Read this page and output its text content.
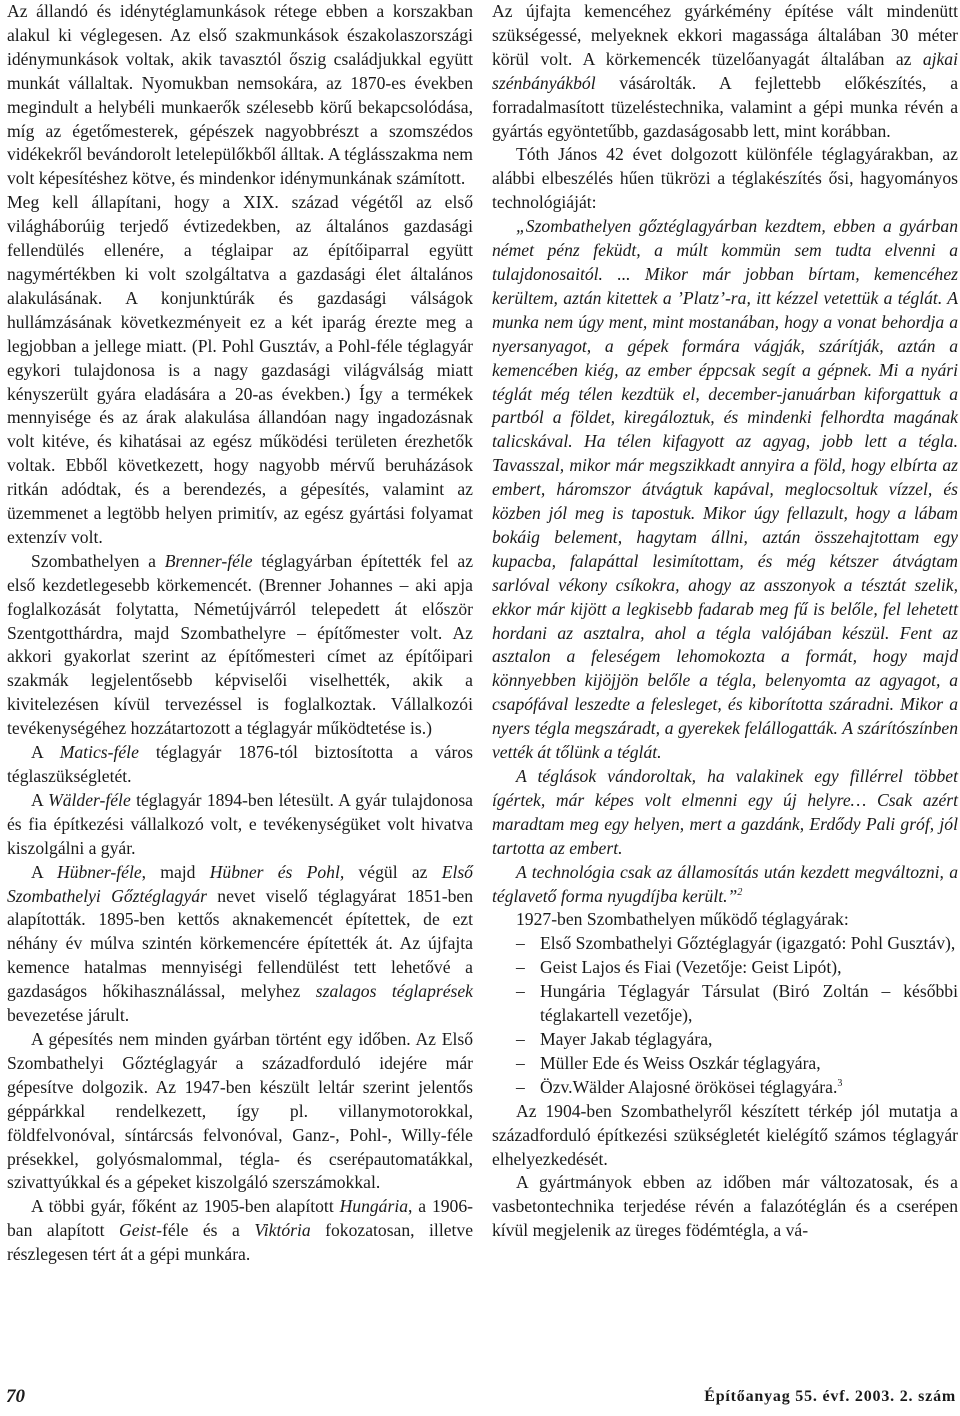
Az állandó és idénytéglamunkások rétege ebben a korszakban alakul ki véglegesen. Az első szakmunkások északolaszországi idénymunkások voltak, akik tavasztól őszig családjukkal együtt munkát vállaltak. Nyomukban nemsokára, az 1870-es években megindult a helybéli munkaerők szélesebb körű bekapcsolódása, míg az égetőmesterek, gépészek nagyobbrészt a szomszédos vidékekről bevándorolt letelepülőkből álltak. A téglásszakma nem volt képesítéshez kötve, és mindenkor idénymunkának számított.

Meg kell állapítani, hogy a XIX. század végétől az első világháborúig terjedő évtizedekben, az általános gazdasági fellendülés ellenére, a téglaipar az építőiparral együtt nagymértékben ki volt szolgáltatva a gazdasági élet általános alakulásának. A konjunktúrák és gazdasági válságok hullámzásának következményeit ez a két iparág érezte meg a legjobban a jellege miatt. (Pl. Pohl Gusztáv, a Pohl-féle téglagyár egykori tulajdonosa is a nagy gazdasági világválság miatt kényszerült gyára eladására a 20-as években.) Így a termékek mennyisége és az árak alakulása állandóan nagy ingadozásnak volt kitéve, és kihatásai az egész működési területen érezhetők voltak. Ebből következett, hogy nagyobb mérvű beruházások ritkán adódtak, és a berendezés, a gépesítés, valamint az üzemmenet a legtöbb helyen primitív, az egész gyártási folyamat extenzív volt.

Szombathelyen a Brenner-féle téglagyárban építették fel az első kezdetlegesebb körkemencét. (Brenner Johannes – aki apja foglalkozását folytatta, Németújvárról telepedett át először Szentgotthárdra, majd Szombathelyre – építőmester volt. Az akkori gyakorlat szerint az építőmesteri címet az építőipari szakmák legjelentősebb képviselői viselhették, akik a kivitelezésen kívül tervezéssel is foglalkoztak. Vállalkozói tevékenységéhez hozzátartozott a téglagyár működtetése is.)

A Matics-féle téglagyár 1876-tól biztosította a város téglaszükségletét.

A Wälder-féle téglagyár 1894-ben létesült. A gyár tulajdonosa és fia építkezési vállalkozó volt, e tevékenységüket volt hivatva kiszolgálni a gyár.

A Hübner-féle, majd Hübner és Pohl, végül az Első Szombathelyi Gőztéglagyár nevet viselő téglagyárat 1851-ben alapították. 1895-ben kettős aknakemencét építettek, de ezt néhány év múlva szintén körkemencére építették át. Az újfajta kemence hatalmas mennyiségi fellendülést tett lehetővé a gazdaságos hőkihasználással, melyhez szalagos téglaprések bevezetése járult.

A gépesítés nem minden gyárban történt egy időben. Az Első Szombathelyi Gőztéglagyár a századforduló idejére már gépesítve dolgozik. Az 1947-ben készült leltár szerint jelentős géppárkkal rendelkezett, így pl. villanymotorokkal, földfelvonóval, síntárcsás felvonóval, Ganz-, Pohl-, Willy-féle présekkel, golyósmalommal, tégla- és cserépautomatákkal, szivattyúkkal és a gépeket kiszolgáló szerszámokkal.

A többi gyár, főként az 1905-ben alapított Hungária, a 1906-ban alapított Geist-féle és a Viktória fokozatosan, illetve részlegesen tért át a gépi munkára.

Az újfajta kemencéhez gyárkémény építése vált mindenütt szükségessé, melyeknek ekkori magassága általában 30 méter körül volt. A körkemencék tüzelőanyagát általában az ajkai szénbányákból vásárolták. A fejlettebb előkészítés, a forradalmasított tüzeléstechnika, valamint a gépi munka révén a gyártás egyöntetűbb, gazdaságosabb lett, mint korábban.

Tóth János 42 évet dolgozott különféle téglagyárakban, az alábbi elbeszélés hűen tükrözi a téglakészítés ősi, hagyományos technológiáját:

„Szombathelyen gőztéglagyárban kezdtem, ebben a gyárban német pénz feküdt, a múlt kommün sem tudta elvenni a tulajdonosaitól. ... Mikor már jobban bírtam, kemencéhez kerültem, aztán kitettek a ’Platz’-ra, itt kézzel vetettük a téglát. A munka nem úgy ment, mint mostanában, hogy a vonat behordja a nyersanyagot, a gépek formára vágják, szárítják, aztán a kemencében kiég, az ember éppcsak segít a gépnek. Mi a nyári téglát még télen kezdtük el, december-januárban kiforgattuk a partból a földet, kiregáloztuk, és mindenki felhordta magának talicskával. Ha télen kifagyott az agyag, jobb lett a tégla. Tavasszal, mikor már megszikkadt annyira a föld, hogy elbírta az embert, háromszor átvágtuk kapával, meglocsoltuk vízzel, és közben jól meg is tapostuk. Mikor úgy fellazult, hogy a lábam bokáig belement, hagytam állni, aztán összehajtottam egy kupacba, falapáttal lesimítottam, és még kétszer átvágtam sarlóval vékony csíkokra, ahogy az asszonyok a tésztát szelik, ekkor már kijött a legkisebb fadarab meg fű is belőle, fel lehetett hordani az asztalra, ahol a tégla valójában készül. Fent az asztalon a feleségem lehomokozta a formát, hogy majd könnyebben kijöjjön belőle a tégla, belenyomta az agyagot, a csapófával leszedte a felesleget, és kiborította száradni. Mikor a nyers tégla megszáradt, a gyerekek felállogatták. A szárítószínben vették át tőlünk a téglát.

A téglások vándoroltak, ha valakinek egy fillérrel többet ígértek, már képes volt elmenni egy új helyre… Csak azért maradtam meg egy helyen, mert a gazdánk, Erdődy Pali gróf, jól tartotta az embert.

A technológia csak az államosítás után kezdett megváltozni, a téglavető forma nyugdíjba került.”$^2$

1927-ben Szombathelyen működő téglagyárak:

– Első Szombathelyi Gőztéglagyár (igazgató: Pohl Gusztáv),
– Geist Lajos és Fiai (Vezetője: Geist Lipót),
– Hungária Téglagyár Társulat (Biró Zoltán – későbbi téglakartell vezetője),
– Mayer Jakab téglagyára,
– Müller Ede és Weiss Oszkár téglagyára,
– Özv.Wälder Alajosné örökösei téglagyára.$^3$

Az 1904-ben Szombathelyről készített térkép jól mutatja a századforduló építkezési szükségletét kielégítő számos téglagyár elhelyezkedését.

A gyártmányok ebben az időben már változatosak, és a vasbetontechnika terjedése révén a falazótéglán és a cserépen kívül megjelenik az üreges födémtégla, a vá-

70	Építőanyag 55. évf. 2003. 2. szám
